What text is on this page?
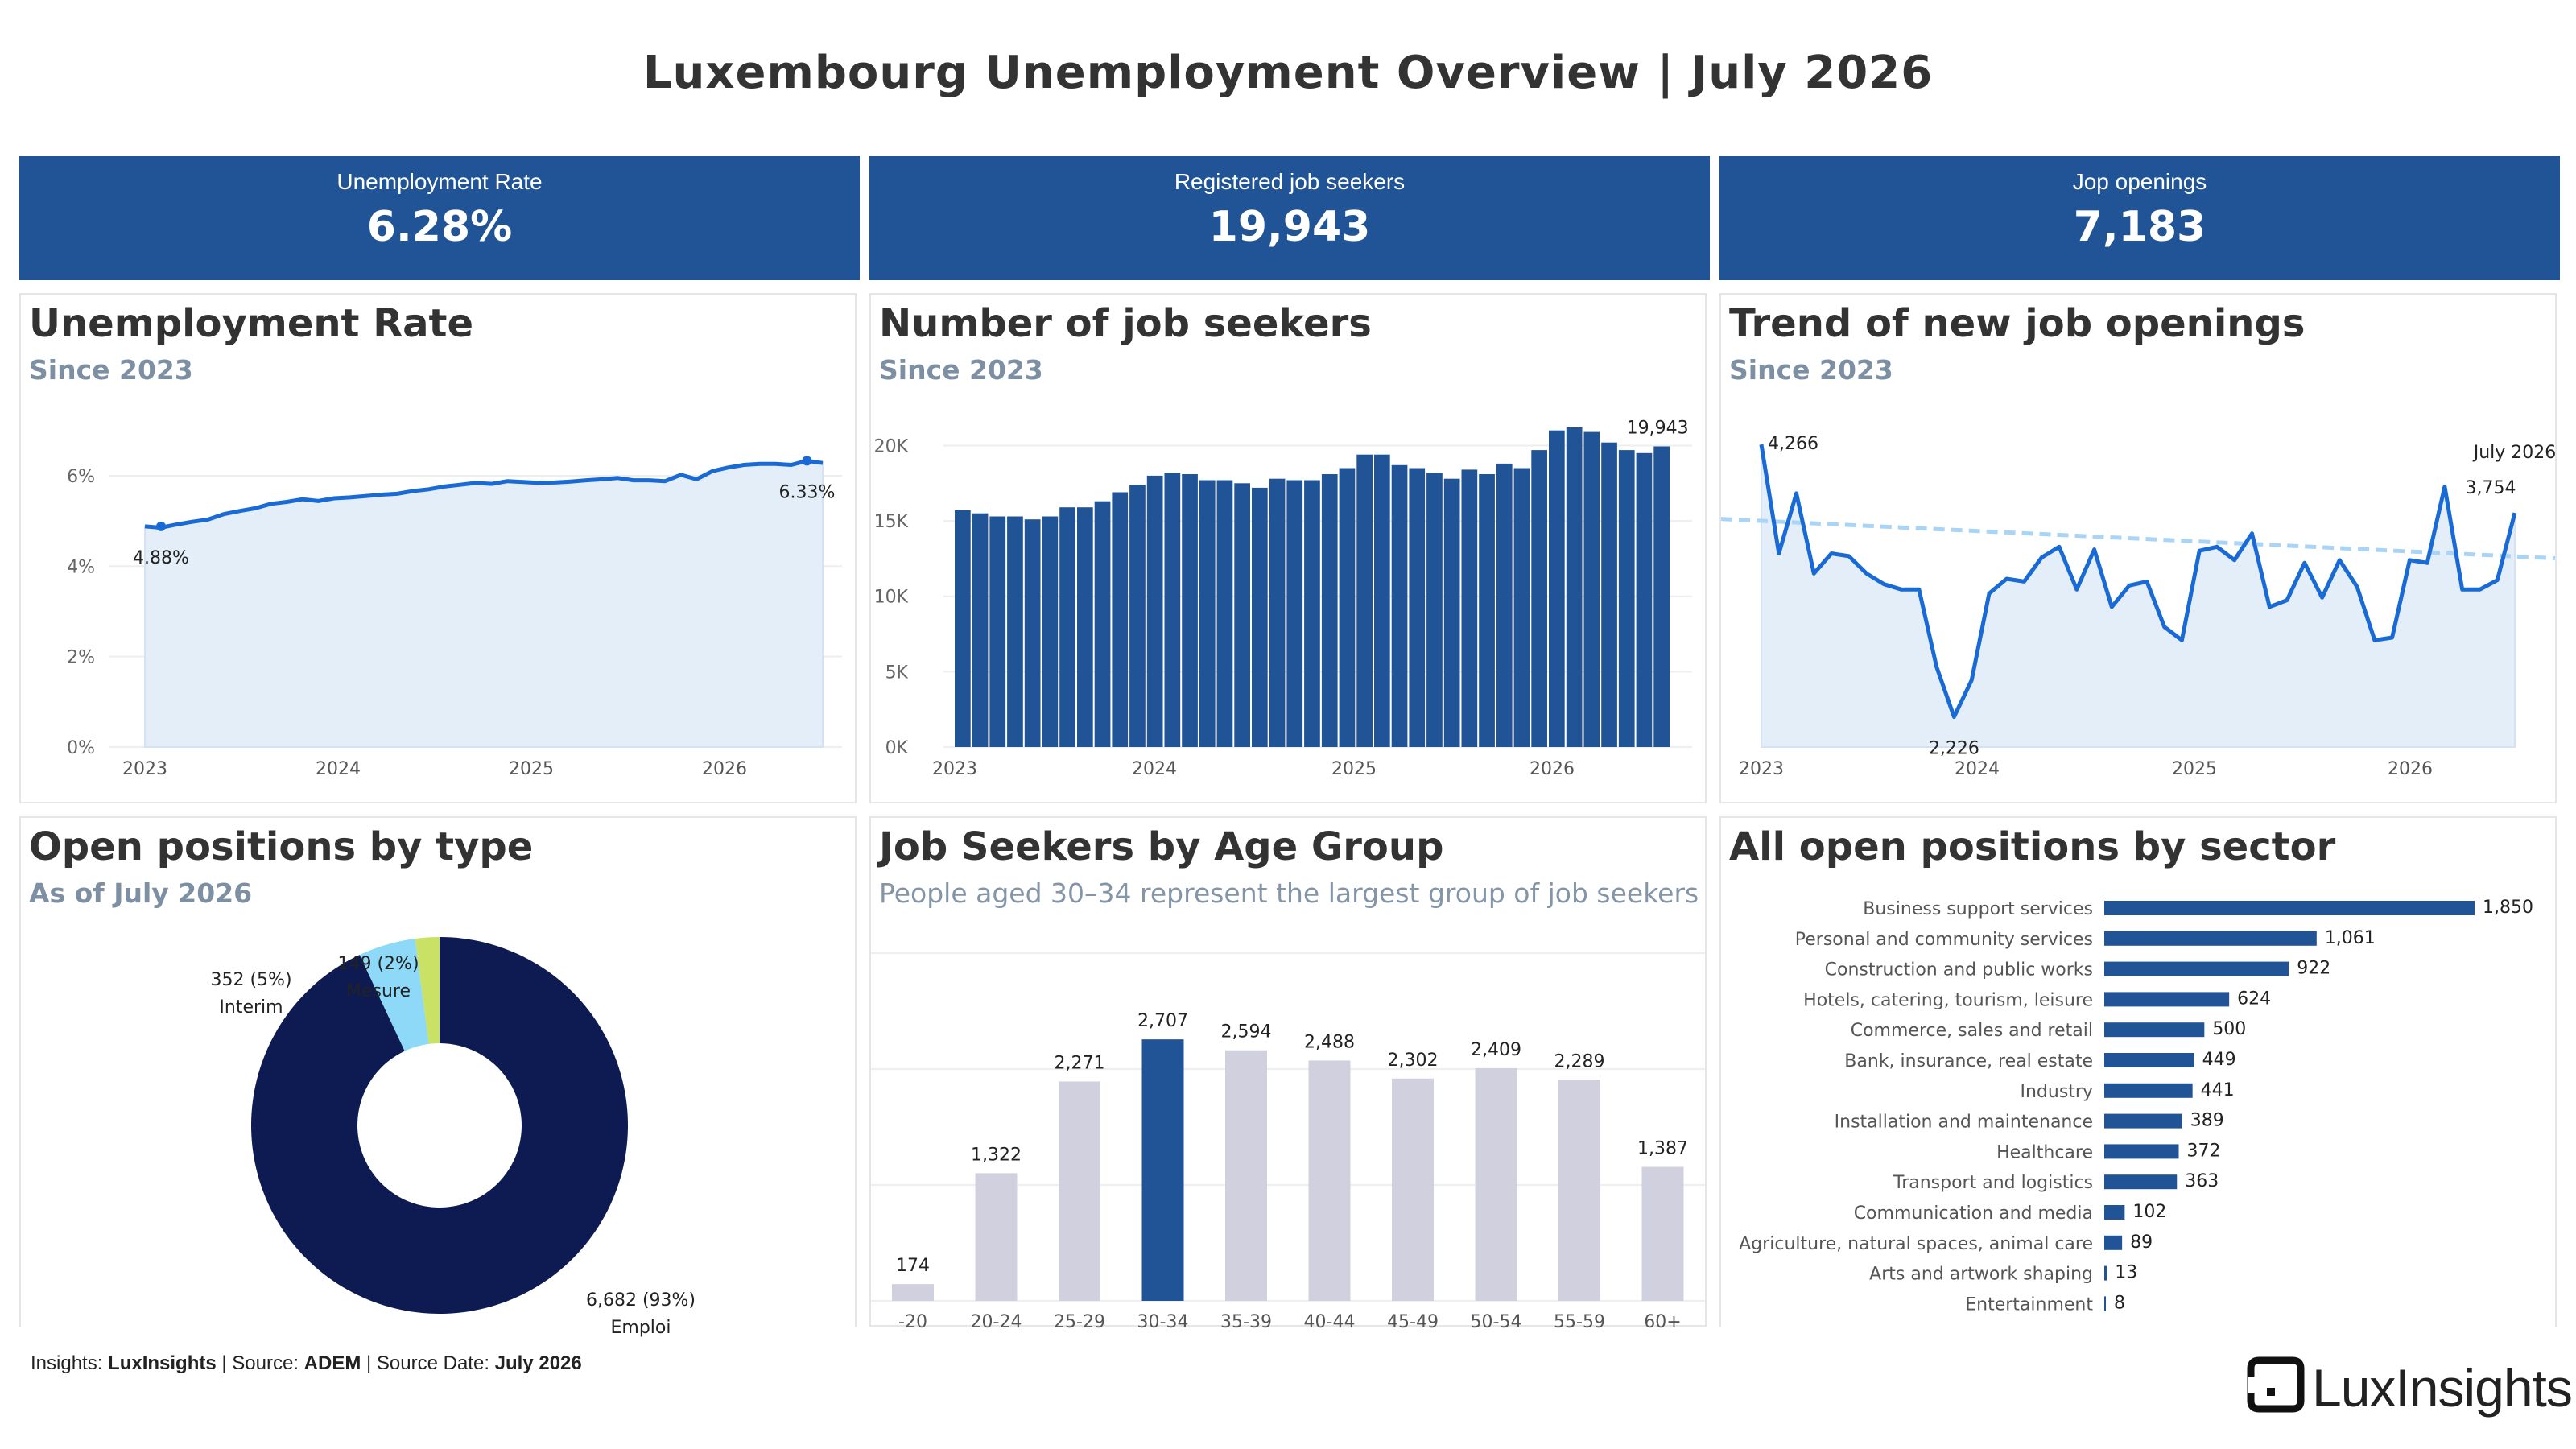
Luxembourg Unemployment Overview | July 2026
Unemployment Rate
6.28%
Registered job seekers
19,943
Jop openings
7,183
Unemployment Rate
Since 2023
0%
2%
4%
6%
4.88%
6.33%
2023	2024	2025	2026
Number of job seekers
Since 2023
0K
5K
10K
15K
20K
19,943
2023	2024	2025	2026
Trend of new job openings
Since 2023
4,266
2,226
3,754
July 2026
2023	2024	2025	2026
Open positions by type
As of July 2026
6,682 (93%)
Emploi
352 (5%)
Interim
149 (2%)
Mesure
Job Seekers by Age Group
People aged 30–34 represent the largest group of job seekers
174
-20
1,322
20-24
2,271
25-29
2,707
30-34
2,594
35-39
2,488
40-44
2,302
45-49
2,409
50-54
2,289
55-59
1,387
60+
All open positions by sector
Business support services	1,850
Personal and community services	1,061
Construction and public works	922
Hotels, catering, tourism, leisure	624
Commerce, sales and retail	500
Bank, insurance, real estate	449
Industry	441
Installation and maintenance	389
Healthcare	372
Transport and logistics	363
Communication and media 102
Agriculture, natural spaces, animal care 89
Arts and artwork shaping 13
Entertainment 8
Insights: LuxInsights | Source: ADEM | Source Date: July 2026	LuxInsights
